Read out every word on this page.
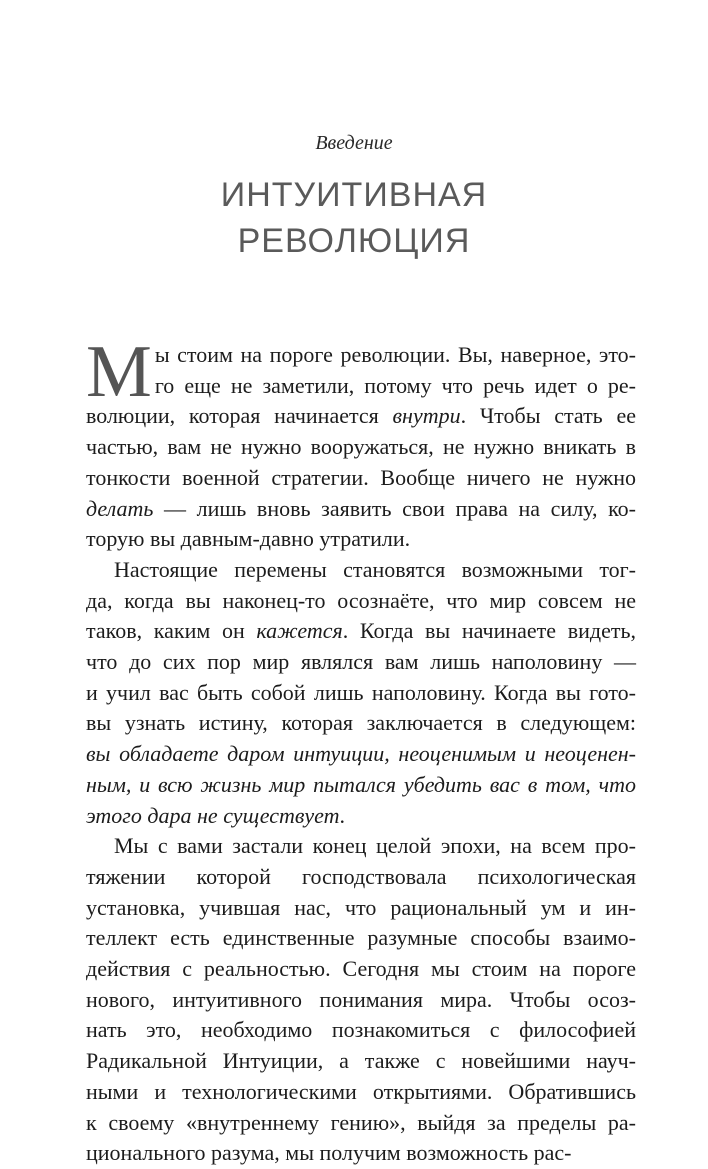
Введение
ИНТУИТИВНАЯ
РЕВОЛЮЦИЯ

М ы стоим на пороге революции. Вы, наверное, это-
го еще не заметили, потому что речь идет о ре-
волюции, которая начинается внутри. Чтобы стать ее
частью, вам не нужно вооружаться, не нужно вникать в
тонкости военной стратегии. Вообще ничего не нужно
делать — лишь вновь заявить свои права на силу, ко-
торую вы давным-давно утратили.

Настоящие перемены становятся возможными тог-
да, когда вы наконец-то осознаёте, что мир совсем не
таков, каким он кажется. Когда вы начинаете видеть,
что до сих пор мир являлся вам лишь наполовину —
и учил вас быть собой лишь наполовину. Когда вы гото-
вы узнать истину, которая заключается в следующем:
вы обладаете даром интуиции, неоценимым и неоценен-
ным, и всю жизнь мир пытался убедить вас в том, что
этого дара не существует.

Мы с вами застали конец целой эпохи, на всем про-
тяжении которой господствовала психологическая
установка, учившая нас, что рациональный ум и ин-
теллект есть единственные разумные способы взаимо-
действия с реальностью. Сегодня мы стоим на пороге
нового, интуитивного понимания мира. Чтобы осоз-
нать это, необходимо познакомиться с философией
Радикальной Интуиции, а также с новейшими науч-
ными и технологическими открытиями. Обратившись
к своему «внутреннему гению», выйдя за пределы ра-
ционального разума, мы получим возможность рас-
